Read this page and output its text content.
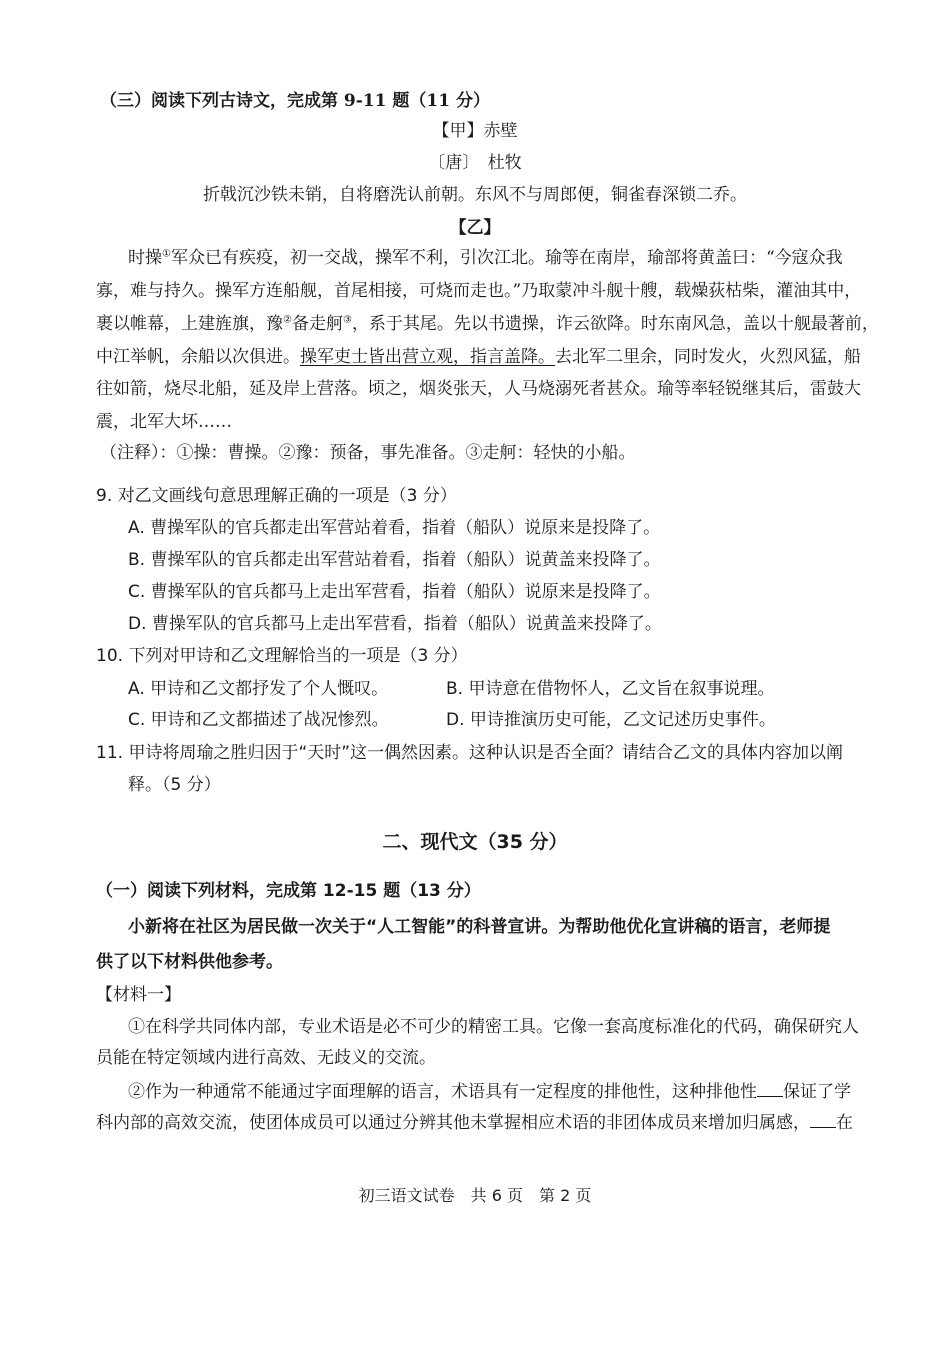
（三）阅读下列古诗文，完成第 9-11 题（11 分）
【甲】赤壁
〔唐〕　杜牧
折戟沉沙铁未销，自将磨洗认前朝。东风不与周郎便，铜雀春深锁二乔。
【乙】
时操①军众已有疾疫，初一交战，操军不利，引次江北。瑜等在南岸，瑜部将黄盖曰：“今寇众我
寡，难与持久。操军方连船舰，首尾相接，可烧而走也。”乃取蒙冲斗舰十艘，载燥荻枯柴，灌油其中，
裹以帷幕，上建旌旗，豫②备走舸③，系于其尾。先以书遗操，诈云欲降。时东南风急，盖以十舰最著前，
中江举帆，余船以次俱进。操军吏士皆出营立观，指言盖降。去北军二里余，同时发火，火烈风猛，船
往如箭，烧尽北船，延及岸上营落。顷之，烟炎张天，人马烧溺死者甚众。瑜等率轻锐继其后，雷鼓大
震，北军大坏……
（注释）：①操：曹操。②豫：预备，事先准备。③走舸：轻快的小船。
9. 对乙文画线句意思理解正确的一项是（3 分）
A. 曹操军队的官兵都走出军营站着看，指着（船队）说原来是投降了。
B. 曹操军队的官兵都走出军营站着看，指着（船队）说黄盖来投降了。
C. 曹操军队的官兵都马上走出军营看，指着（船队）说原来是投降了。
D. 曹操军队的官兵都马上走出军营看，指着（船队）说黄盖来投降了。
10. 下列对甲诗和乙文理解恰当的一项是（3 分）
A. 甲诗和乙文都抒发了个人慨叹。	B. 甲诗意在借物怀人，乙文旨在叙事说理。
C. 甲诗和乙文都描述了战况惨烈。	D. 甲诗推演历史可能，乙文记述历史事件。
11. 甲诗将周瑜之胜归因于“天时”这一偶然因素。这种认识是否全面？请结合乙文的具体内容加以阐
释。（5 分）
二、现代文（35 分）
（一）阅读下列材料，完成第 12-15 题（13 分）
小新将在社区为居民做一次关于“人工智能”的科普宣讲。为帮助他优化宣讲稿的语言，老师提
供了以下材料供他参考。
【材料一】
①在科学共同体内部，专业术语是必不可少的精密工具。它像一套高度标准化的代码，确保研究人
员能在特定领域内进行高效、无歧义的交流。
②作为一种通常不能通过字面理解的语言，术语具有一定程度的排他性，这种排他性 保证了学
科内部的高效交流，使团体成员可以通过分辨其他未掌握相应术语的非团体成员来增加归属感， 在
初三语文试卷　共 6 页　第 2 页
